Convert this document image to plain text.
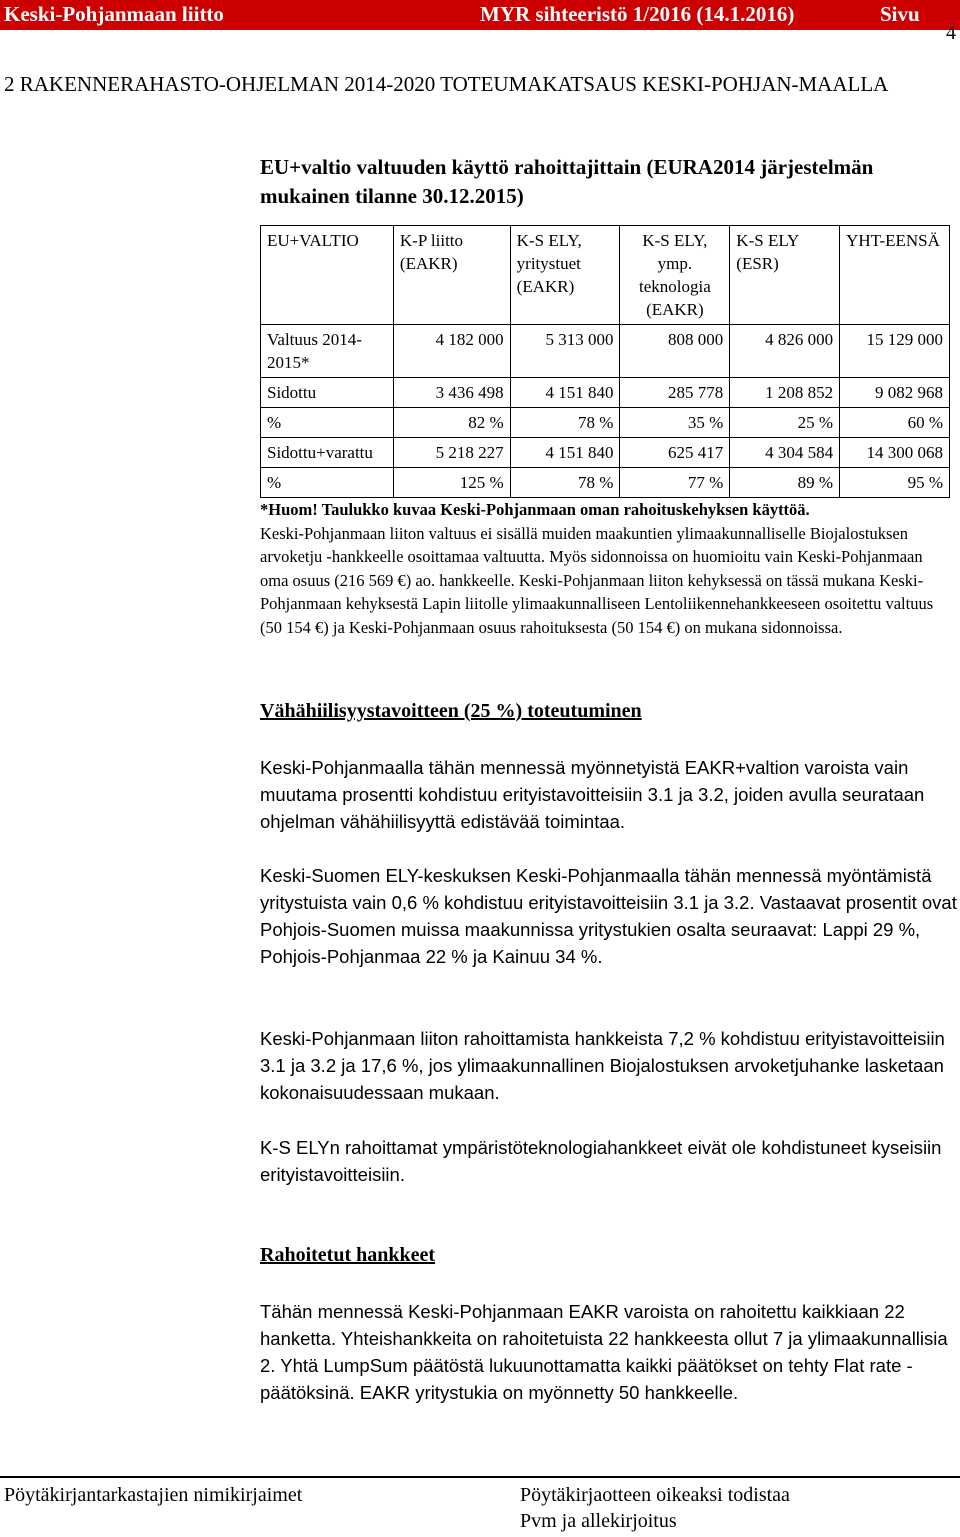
Keski-Pohjanmaan liitto	MYR sihteeristö 1/2016 (14.1.2016)	Sivu
4
2 RAKENNERAHASTO-OHJELMAN 2014-2020 TOTEUMAKATSAUS KESKI-POHJAN-MAALLA
EU+valtio valtuuden käyttö rahoittajittain (EURA2014 järjestelmän mukainen tilanne 30.12.2015)
EU+VALTIO	K-P liitto (EAKR)	K-S ELY, yritystuet (EAKR)	K-S ELY, ymp. teknologia (EAKR)	K-S ELY (ESR)	YHT-EENSÄ
Valtuus 2014-2015*	4 182 000	5 313 000	808 000	4 826 000	15 129 000
Sidottu	3 436 498	4 151 840	285 778	1 208 852	9 082 968
%	82 %	78 %	35 %	25 %	60 %
Sidottu+varattu	5 218 227	4 151 840	625 417	4 304 584	14 300 068
%	125 %	78 %	77 %	89 %	95 %
*Huom! Taulukko kuvaa Keski-Pohjanmaan oman rahoituskehyksen käyttöä.
Keski-Pohjanmaan liiton valtuus ei sisällä muiden maakuntien ylimaakunnalliselle Biojalostuksen arvoketju -hankkeelle osoittamaa valtuutta. Myös sidonnoissa on huomioitu vain Keski-Pohjanmaan oma osuus (216 569 €) ao. hankkeelle. Keski-Pohjanmaan liiton kehyksessä on tässä mukana Keski-Pohjanmaan kehyksestä Lapin liitolle ylimaakunnalliseen Lentoliikennehankkeeseen osoitettu valtuus (50 154 €) ja Keski-Pohjanmaan osuus rahoituksesta (50 154 €) on mukana sidonnoissa.
Vähähiilisyystavoitteen (25 %) toteutuminen
Keski-Pohjanmaalla tähän mennessä myönnetyistä EAKR+valtion varoista vain muutama prosentti kohdistuu erityistavoitteisiin 3.1 ja 3.2, joiden avulla seurataan ohjelman vähähiilisyyttä edistävää toimintaa.
Keski-Suomen ELY-keskuksen Keski-Pohjanmaalla tähän mennessä myöntämistä yritystuista vain 0,6 % kohdistuu erityistavoitteisiin 3.1 ja 3.2. Vastaavat prosentit ovat Pohjois-Suomen muissa maakunnissa yritystukien osalta seuraavat: Lappi 29 %, Pohjois-Pohjanmaa 22 % ja Kainuu 34 %.
Keski-Pohjanmaan liiton rahoittamista hankkeista 7,2 % kohdistuu erityistavoitteisiin 3.1 ja 3.2 ja 17,6 %, jos ylimaakunnallinen Biojalostuksen arvoketjuhanke lasketaan kokonaisuudessaan mukaan.
K-S ELYn rahoittamat ympäristöteknologiahankkeet eivät ole kohdistuneet kyseisiin erityistavoitteisiin.
Rahoitetut hankkeet
Tähän mennessä Keski-Pohjanmaan EAKR varoista on rahoitettu kaikkiaan 22 hanketta. Yhteishankkeita on rahoitetuista 22 hankkeesta ollut 7 ja ylimaakunnallisia 2. Yhtä LumpSum päätöstä lukuunottamatta kaikki päätökset on tehty Flat rate -päätöksinä. EAKR yritystukia on myönnetty 50 hankkeelle.
Pöytäkirjantarkastajien nimikirjaimet	Pöytäkirjaotteen oikeaksi todistaa
Pvm ja allekirjoitus
